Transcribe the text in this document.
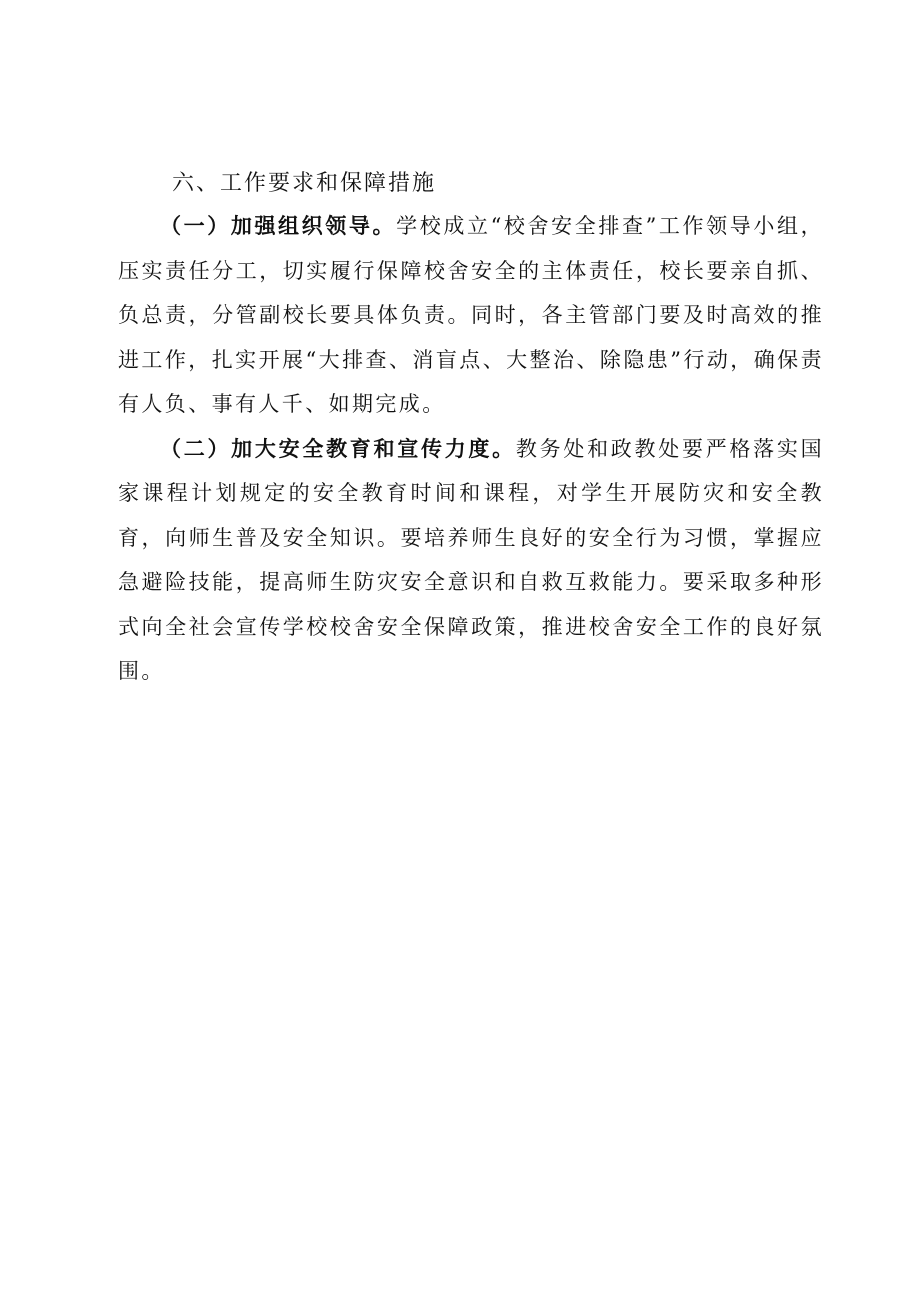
六、工作要求和保障措施

（一）加强组织领导。学校成立“校舍安全排查”工作领导小组，压实责任分工，切实履行保障校舍安全的主体责任，校长要亲自抓、负总责，分管副校长要具体负责。同时，各主管部门要及时高效的推进工作，扎实开展“大排查、消盲点、大整治、除隐患”行动，确保责有人负、事有人千、如期完成。

（二）加大安全教育和宣传力度。教务处和政教处要严格落实国家课程计划规定的安全教育时间和课程，对学生开展防灾和安全教育，向师生普及安全知识。要培养师生良好的安全行为习惯，掌握应急避险技能，提高师生防灾安全意识和自救互救能力。要采取多种形式向全社会宣传学校校舍安全保障政策，推进校舍安全工作的良好氛围。
